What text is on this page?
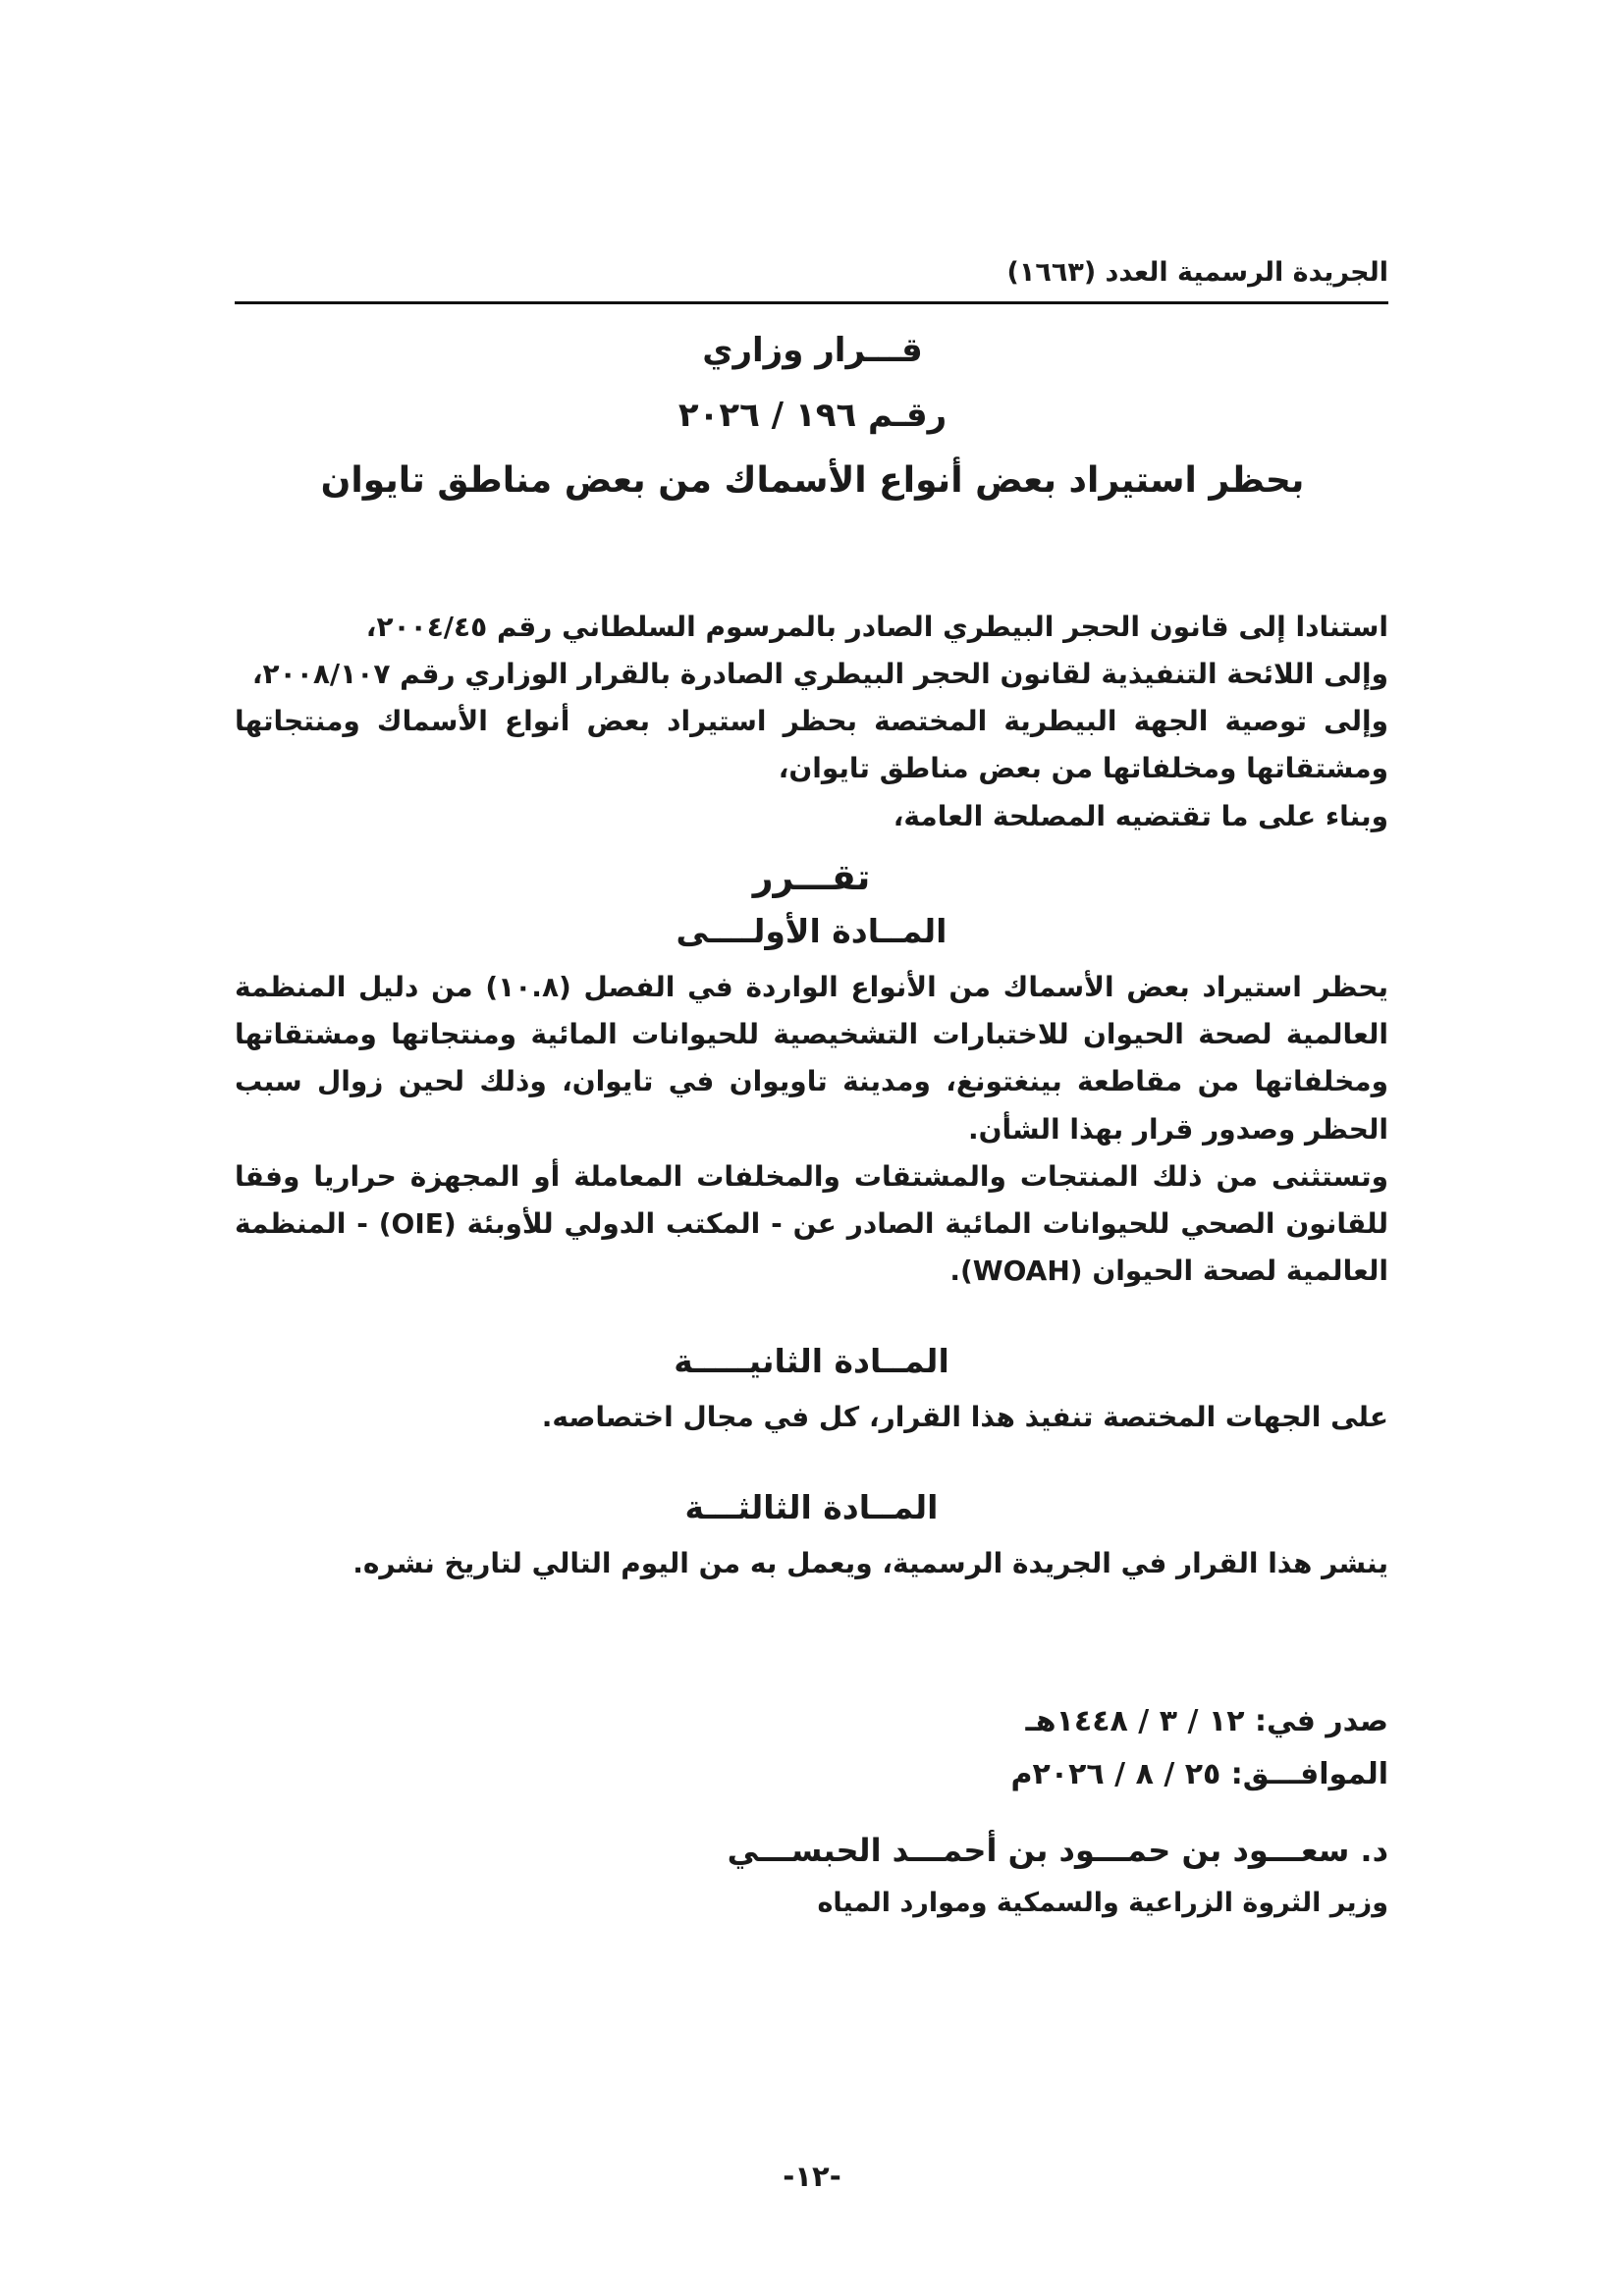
الجريدة الرسمية العدد (١٦٦٣)
قـــرار وزاري
رقـم ١٩٦ / ٢٠٢٦
بحظر استيراد بعض أنواع الأسماك من بعض مناطق تايوان

استنادا إلى قانون الحجر البيطري الصادر بالمرسوم السلطاني رقم ٢٠٠٤/٤٥،

وإلى اللائحة التنفيذية لقانون الحجر البيطري الصادرة بالقرار الوزاري رقم ٢٠٠٨/١٠٧،

وإلى توصية الجهة البيطرية المختصة بحظر استيراد بعض أنواع الأسماك ومنتجاتها ومشتقاتها ومخلفاتها من بعض مناطق تايوان،

وبناء على ما تقتضيه المصلحة العامة،

تقـــرر
المــادة الأولــــى

يحظر استيراد بعض الأسماك من الأنواع الواردة في الفصل (١٠.٨) من دليل المنظمة العالمية لصحة الحيوان للاختبارات التشخيصية للحيوانات المائية ومنتجاتها ومشتقاتها ومخلفاتها من مقاطعة بينغتونغ، ومدينة تاويوان في تايوان، وذلك لحين زوال سبب الحظر وصدور قرار بهذا الشأن.

وتستثنى من ذلك المنتجات والمشتقات والمخلفات المعاملة أو المجهزة حراريا وفقا للقانون الصحي للحيوانات المائية الصادر عن - المكتب الدولي للأوبئة (OIE) - المنظمة العالمية لصحة الحيوان (WOAH).

المــادة الثانيـــــة

على الجهات المختصة تنفيذ هذا القرار، كل في مجال اختصاصه.

المــادة الثالثـــة

ينشر هذا القرار في الجريدة الرسمية، ويعمل به من اليوم التالي لتاريخ نشره.

صدر في: ١٢ / ٣ / ١٤٤٨هـ

الموافـــق: ٢٥ / ٨ / ٢٠٢٦م

د. سعـــود بن حمـــود بن أحمـــد الحبســـي

وزير الثروة الزراعية والسمكية وموارد المياه

-١٢-
